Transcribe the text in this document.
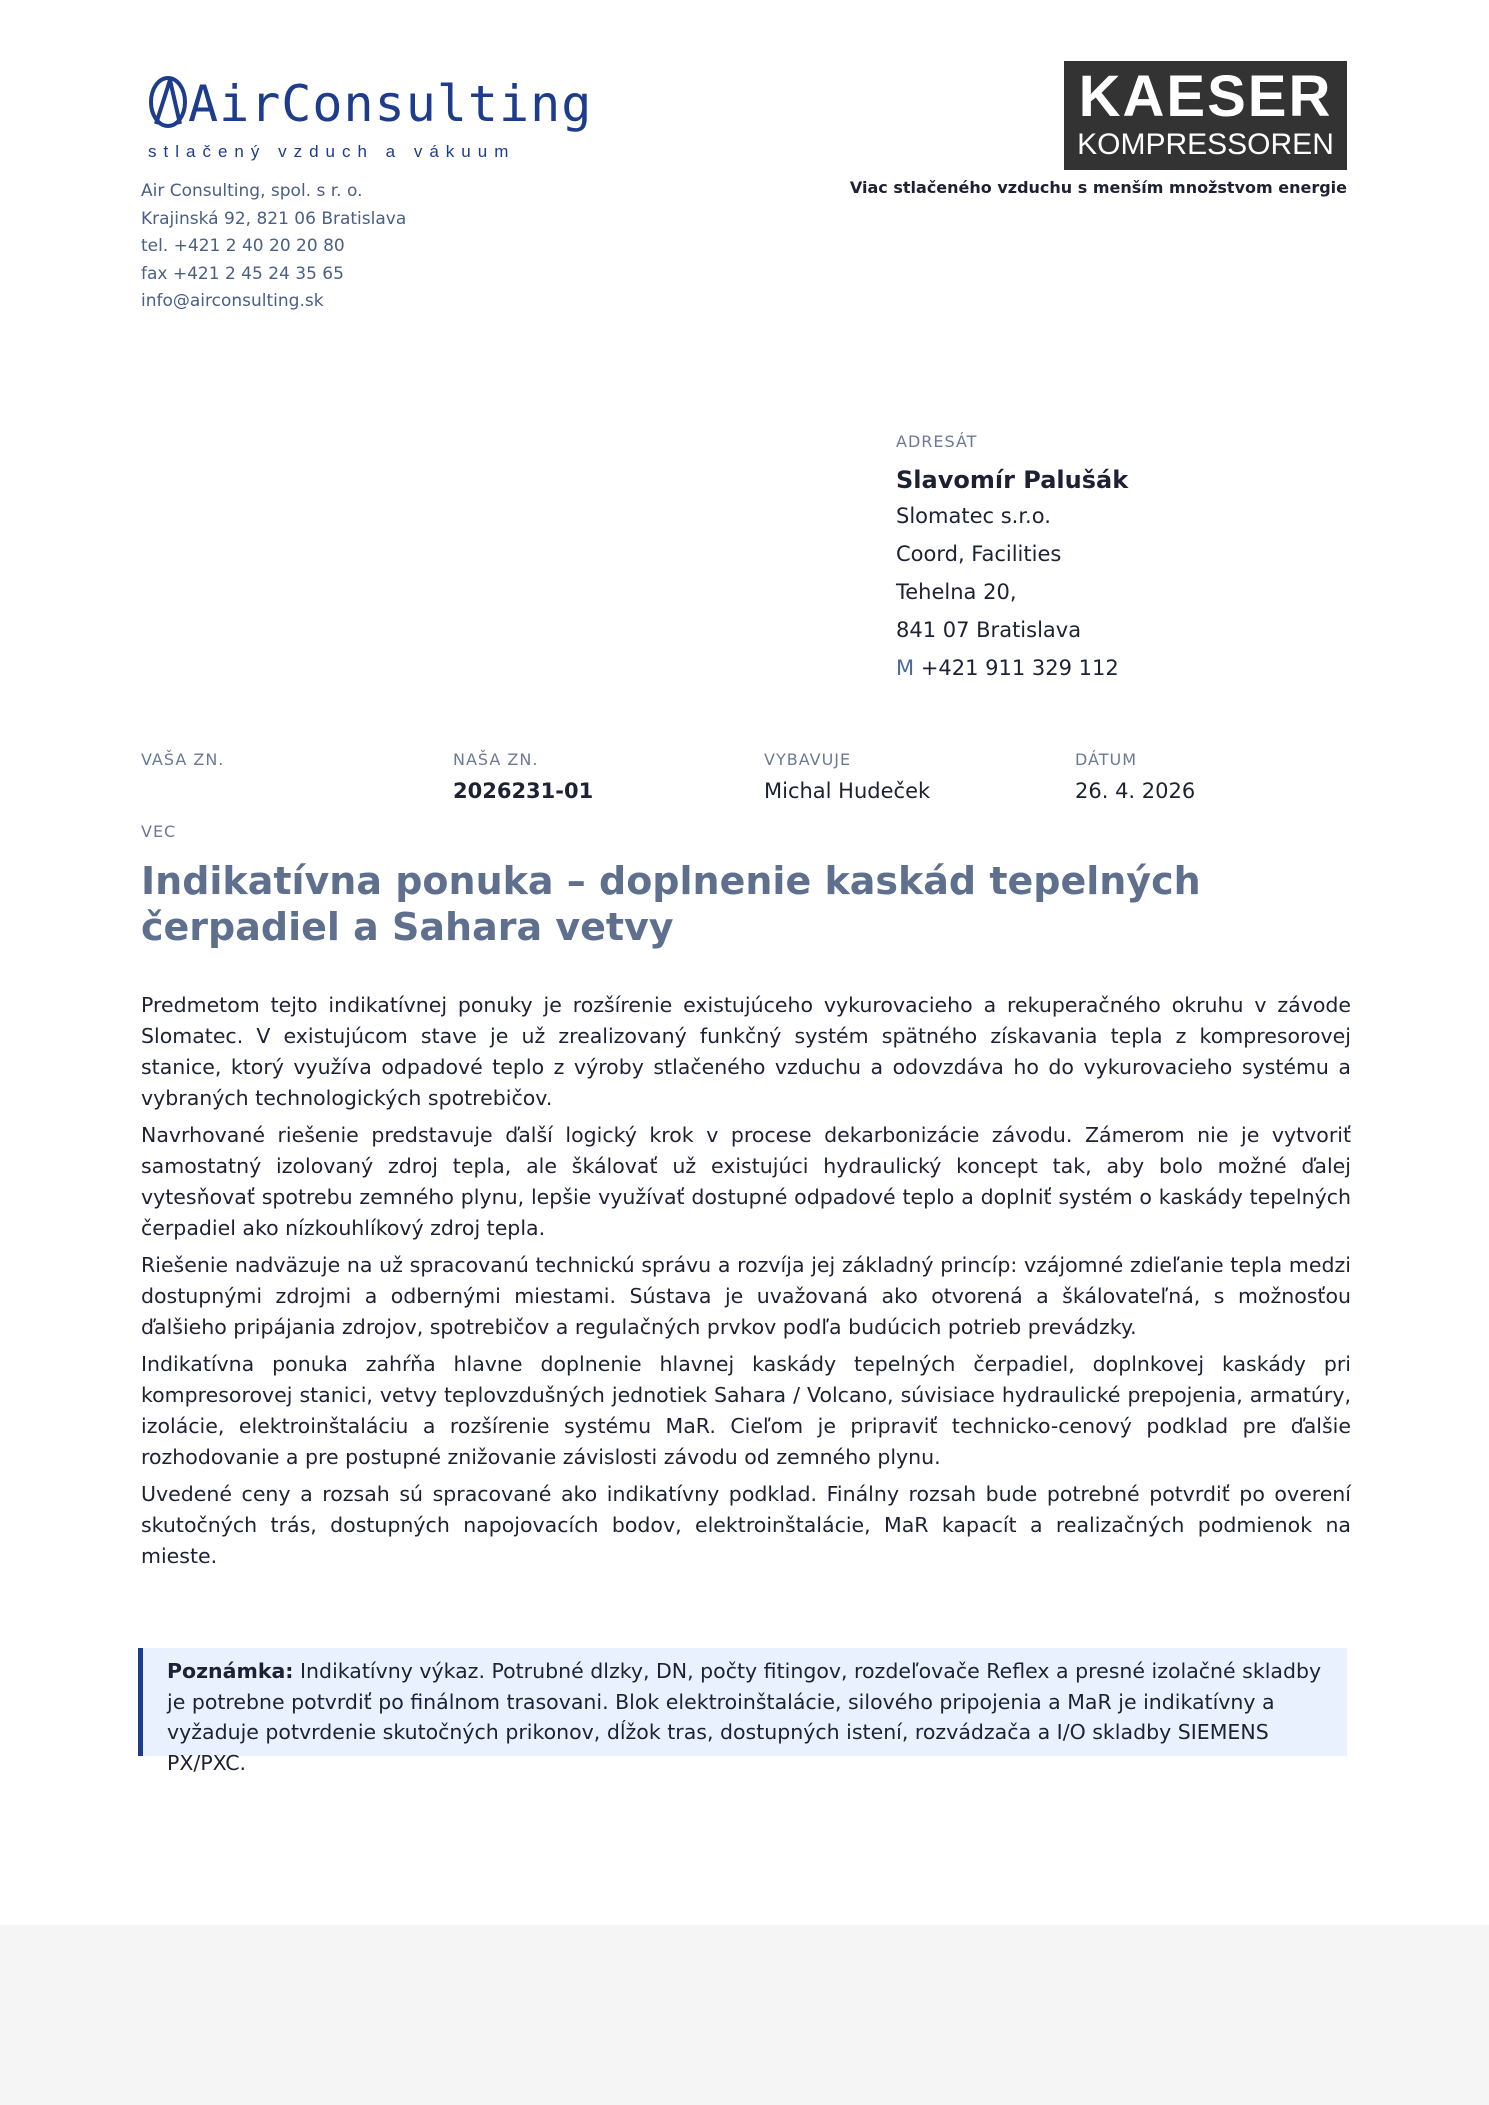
AirConsulting
stlačený vzduch a vákuum
Air Consulting, spol. s r. o.
Krajinská 92, 821 06 Bratislava
tel. +421 2 40 20 20 80
fax +421 2 45 24 35 65
info@airconsulting.sk
KAESER
KOMPRESSOREN
Viac stlačeného vzduchu s menším množstvom energie
ADRESÁT
Slavomír Palušák
Slomatec s.r.o.
Coord, Facilities
Tehelna 20,
841 07 Bratislava
M +421 911 329 112
VAŠA ZN.	NAŠA ZN.
2026231-01
VYBAVUJE
Michal Hudeček
DÁTUM
26. 4. 2026
VEC
Indikatívna ponuka – doplnenie kaskád tepelných čerpadiel a Sahara vetvy

Predmetom tejto indikatívnej ponuky je rozšírenie existujúceho vykurovacieho a rekuperačného okruhu v závode Slomatec. V existujúcom stave je už zrealizovaný funkčný systém spätného získavania tepla z kompresorovej stanice, ktorý využíva odpadové teplo z výroby stlačeného vzduchu a odovzdáva ho do vykurovacieho systému a vybraných technologických spotrebičov.

Navrhované riešenie predstavuje ďalší logický krok v procese dekarbonizácie závodu. Zámerom nie je vytvoriť samostatný izolovaný zdroj tepla, ale škálovať už existujúci hydraulický koncept tak, aby bolo možné ďalej vytesňovať spotrebu zemného plynu, lepšie využívať dostupné odpadové teplo a doplniť systém o kaskády tepelných čerpadiel ako nízkouhlíkový zdroj tepla.

Riešenie nadväzuje na už spracovanú technickú správu a rozvíja jej základný princíp: vzájomné zdieľanie tepla medzi dostupnými zdrojmi a odbernými miestami. Sústava je uvažovaná ako otvorená a škálovateľná, s možnosťou ďalšieho pripájania zdrojov, spotrebičov a regulačných prvkov podľa budúcich potrieb prevádzky.

Indikatívna ponuka zahŕňa hlavne doplnenie hlavnej kaskády tepelných čerpadiel, doplnkovej kaskády pri kompresorovej stanici, vetvy teplovzdušných jednotiek Sahara / Volcano, súvisiace hydraulické prepojenia, armatúry, izolácie, elektroinštaláciu a rozšírenie systému MaR. Cieľom je pripraviť technicko-cenový podklad pre ďalšie rozhodovanie a pre postupné znižovanie závislosti závodu od zemného plynu.

Uvedené ceny a rozsah sú spracované ako indikatívny podklad. Finálny rozsah bude potrebné potvrdiť po overení skutočných trás, dostupných napojovacích bodov, elektroinštalácie, MaR kapacít a realizačných podmienok na mieste.

Poznámka: Indikatívny výkaz. Potrubné dlzky, DN, počty fitingov, rozdeľovače Reflex a presné izolačné skladby je potrebne potvrdiť po finálnom trasovani. Blok elektroinštalácie, silového pripojenia a MaR je indikatívny a vyžaduje potvrdenie skutočných prikonov, dĺžok tras, dostupných istení, rozvádzača a I/O skladby SIEMENS PX/PXC.
